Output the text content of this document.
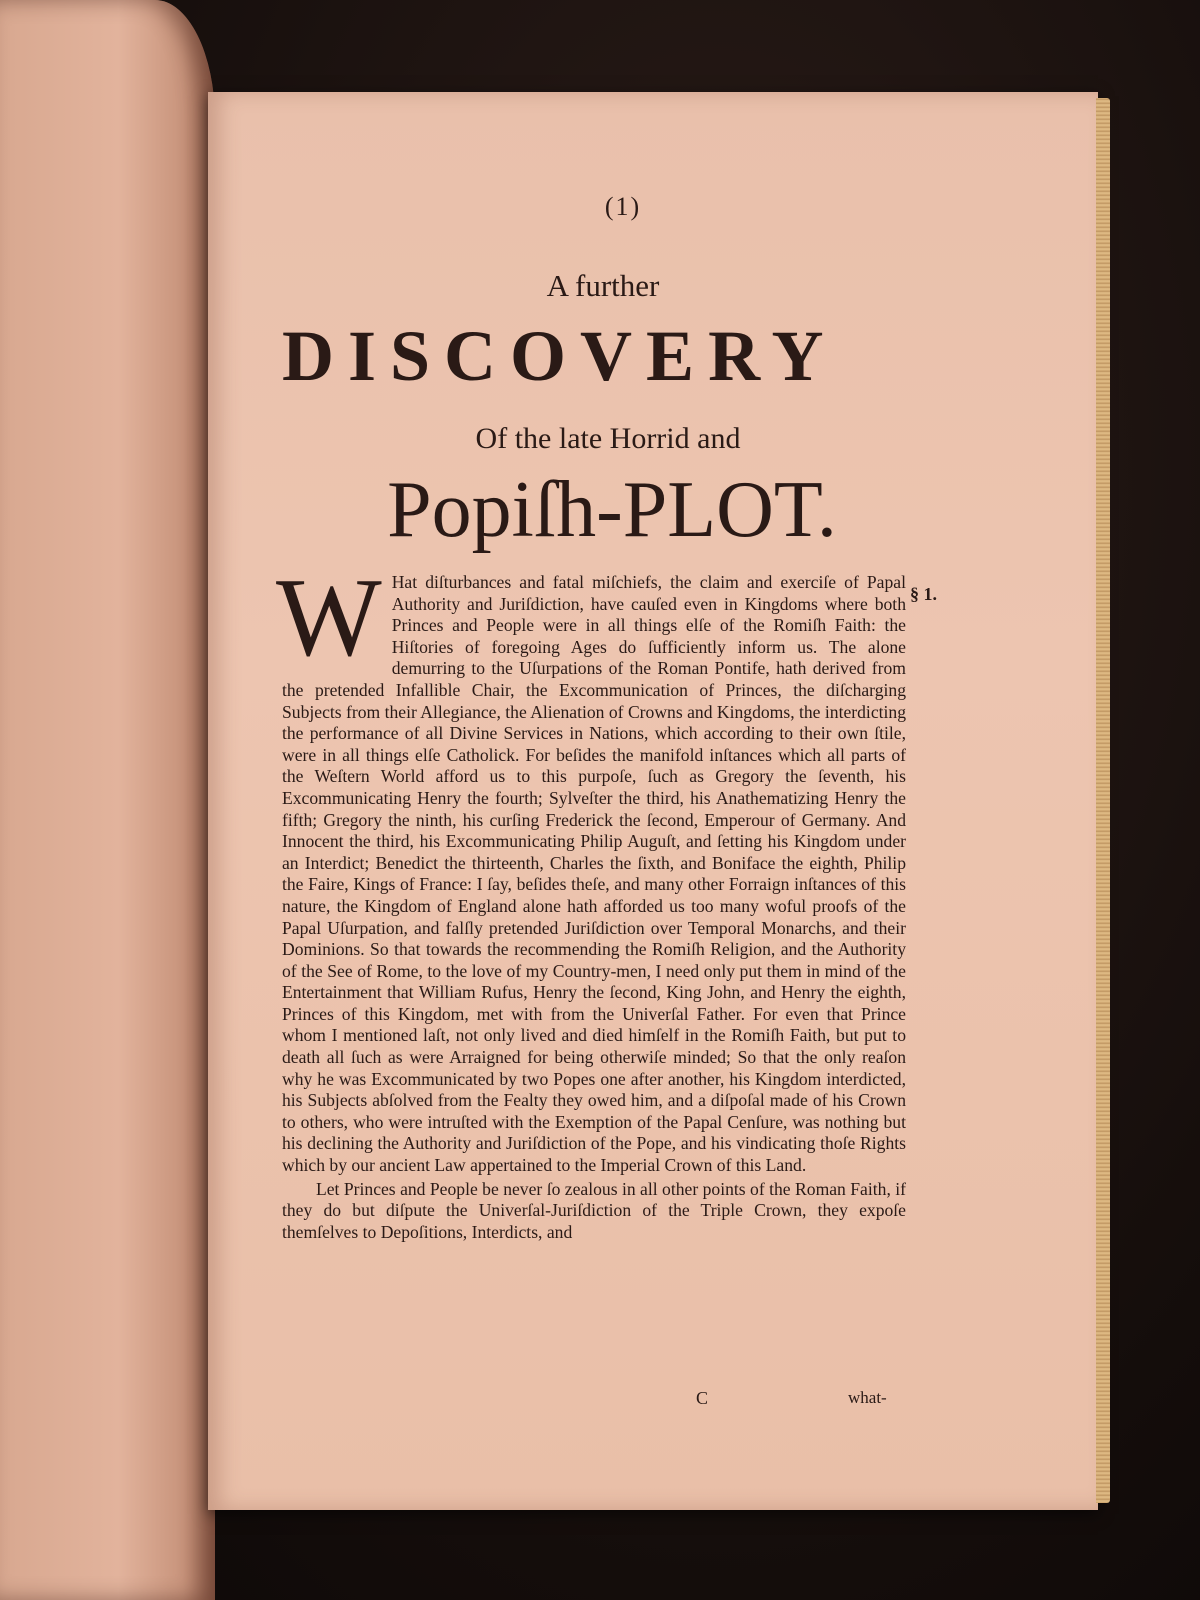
(1)
A further
DISCOVERY
Of the late Horrid and
Popiſh-PLOT.
§ 1.
W Hat diſturbances and fatal miſchiefs, the claim and exerciſe of Papal Authority and Juriſdiction, have cauſed even in Kingdoms where both Princes and People were in all things elſe of the Romiſh Faith: the Hiſtories of foregoing Ages do ſufficiently inform us. The alone demurring to the Uſurpations of the Roman Pontife, hath derived from the pretended Infallible Chair, the Excommunication of Princes, the diſcharging Subjects from their Allegiance, the Alienation of Crowns and Kingdoms, the interdicting the performance of all Divine Services in Nations, which according to their own ſtile, were in all things elſe Catholick. For beſides the manifold inſtances which all parts of the Weſtern World afford us to this purpoſe, ſuch as Gregory the ſeventh, his Excommunicating Henry the fourth; Sylveſter the third, his Anathematizing Henry the fifth; Gregory the ninth, his curſing Frederick the ſecond, Emperour of Germany. And Innocent the third, his Excommunicating Philip Auguſt, and ſetting his Kingdom under an Interdict; Benedict the thirteenth, Charles the ſixth, and Boniface the eighth, Philip the Faire, Kings of France: I ſay, beſides theſe, and many other Forraign inſtances of this nature, the Kingdom of England alone hath afforded us too many woful proofs of the Papal Uſurpation, and falſly pretended Juriſdiction over Temporal Monarchs, and their Dominions. So that towards the recommending the Romiſh Religion, and the Authority of the See of Rome, to the love of my Country-men, I need only put them in mind of the Entertainment that William Rufus, Henry the ſecond, King John, and Henry the eighth, Princes of this Kingdom, met with from the Univerſal Father. For even that Prince whom I mentioned laſt, not only lived and died himſelf in the Romiſh Faith, but put to death all ſuch as were Arraigned for being otherwiſe minded; So that the only reaſon why he was Excommunicated by two Popes one after another, his Kingdom interdicted, his Subjects abſolved from the Fealty they owed him, and a diſpoſal made of his Crown to others, who were intruſted with the Exemption of the Papal Cenſure, was nothing but his declining the Authority and Juriſdiction of the Pope, and his vindicating thoſe Rights which by our ancient Law appertained to the Imperial Crown of this Land.

Let Princes and People be never ſo zealous in all other points of the Roman Faith, if they do but diſpute the Univerſal-Juriſdiction of the Triple Crown, they expoſe themſelves to Depoſitions, Interdicts, and

C	what-
